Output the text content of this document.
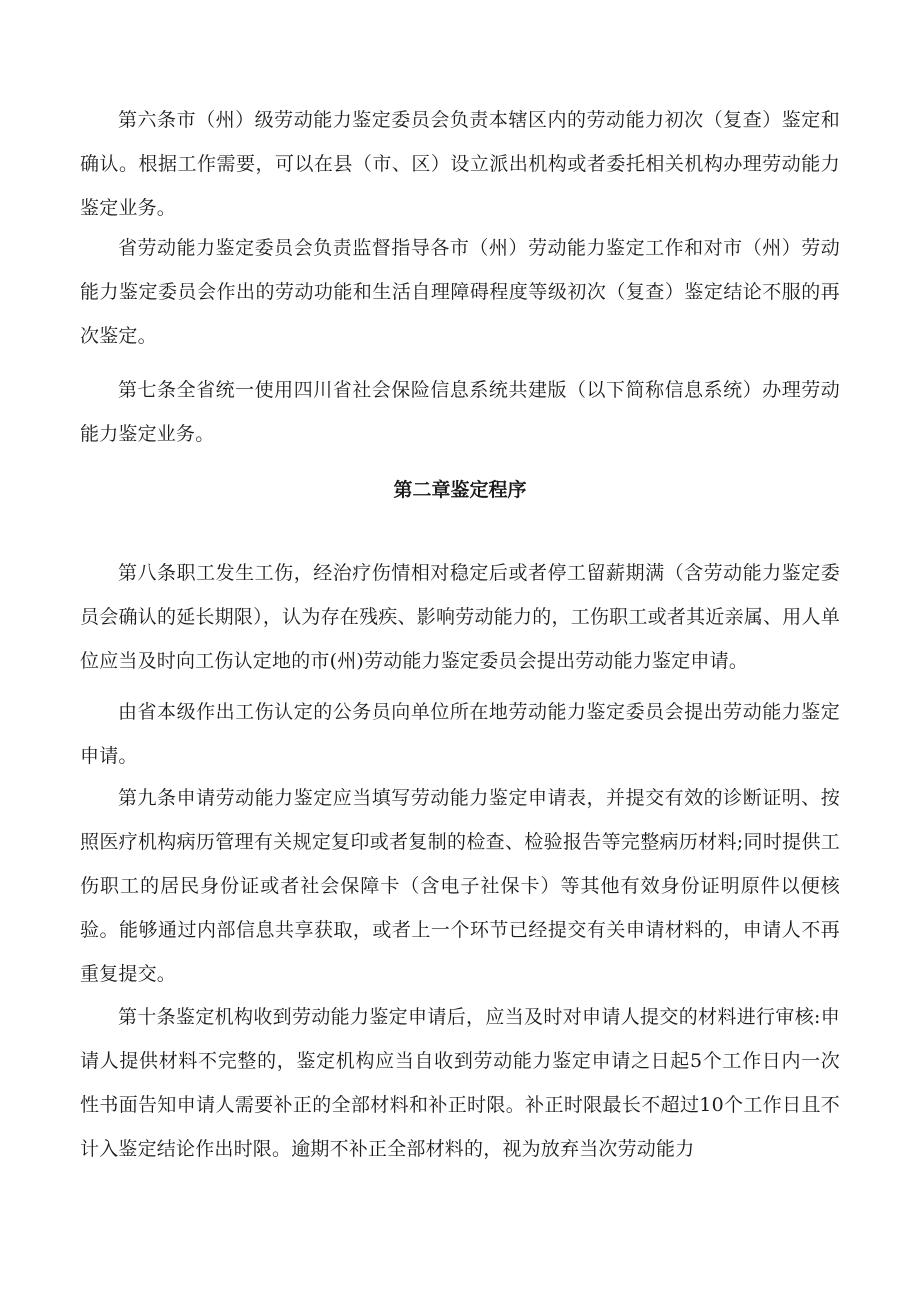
第六条市（州）级劳动能力鉴定委员会负责本辖区内的劳动能力初次（复查）鉴定和确认。根据工作需要，可以在县（市、区）设立派出机构或者委托相关机构办理劳动能力鉴定业务。

省劳动能力鉴定委员会负责监督指导各市（州）劳动能力鉴定工作和对市（州）劳动能力鉴定委员会作出的劳动功能和生活自理障碍程度等级初次（复查）鉴定结论不服的再次鉴定。

第七条全省统一使用四川省社会保险信息系统共建版（以下简称信息系统）办理劳动能力鉴定业务。

第二章鉴定程序

第八条职工发生工伤，经治疗伤情相对稳定后或者停工留薪期满（含劳动能力鉴定委员会确认的延长期限），认为存在残疾、影响劳动能力的，工伤职工或者其近亲属、用人单位应当及时向工伤认定地的市(州)劳动能力鉴定委员会提出劳动能力鉴定申请。

由省本级作出工伤认定的公务员向单位所在地劳动能力鉴定委员会提出劳动能力鉴定申请。

第九条申请劳动能力鉴定应当填写劳动能力鉴定申请表，并提交有效的诊断证明、按照医疗机构病历管理有关规定复印或者复制的检查、检验报告等完整病历材料;同时提供工伤职工的居民身份证或者社会保障卡（含电子社保卡）等其他有效身份证明原件以便核验。能够通过内部信息共享获取，或者上一个环节已经提交有关申请材料的，申请人不再重复提交。

第十条鉴定机构收到劳动能力鉴定申请后，应当及时对申请人提交的材料进行审核:申请人提供材料不完整的，鉴定机构应当自收到劳动能力鉴定申请之日起5个工作日内一次性书面告知申请人需要补正的全部材料和补正时限。补正时限最长不超过10个工作日且不计入鉴定结论作出时限。逾期不补正全部材料的，视为放弃当次劳动能力
